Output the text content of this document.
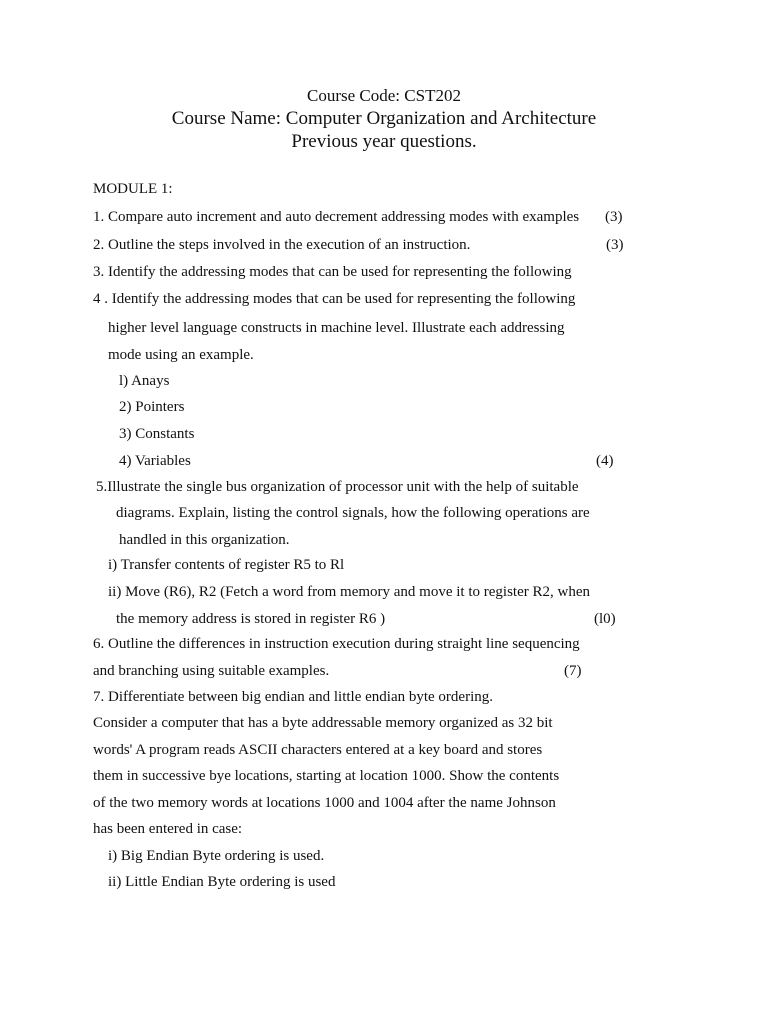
Course Code: CST202
Course Name: Computer Organization and Architecture
Previous year questions.
MODULE 1:
1. Compare auto increment and auto decrement addressing modes with examples (3)
2. Outline the steps involved in the execution of an instruction.	(3)
3. Identify the addressing modes that can be used for representing the following
4 . Identify the addressing modes that can be used for representing the following
higher level language constructs in machine level. Illustrate each addressing
mode using an example.
l) Anays
2) Pointers
3) Constants
4) Variables	(4)
5.Illustrate the single bus organization of processor unit with the help of suitable
diagrams. Explain, listing the control signals, how the following operations are
handled in this organization.
i) Transfer contents of register R5 to Rl
ii) Move (R6), R2 (Fetch a word from memory and move it to register R2, when
the memory address is stored in register R6 )	(l0)
6. Outline the differences in instruction execution during straight line sequencing
and branching using suitable examples.	(7)
7. Differentiate between big endian and little endian byte ordering.
Consider a computer that has a byte addressable memory organized as 32 bit
words' A program reads ASCII characters entered at a key board and stores
them in successive bye locations, starting at location 1000. Show the contents
of the two memory words at locations 1000 and 1004 after the name Johnson
has been entered in case:
i) Big Endian Byte ordering is used.
ii) Little Endian Byte ordering is used
